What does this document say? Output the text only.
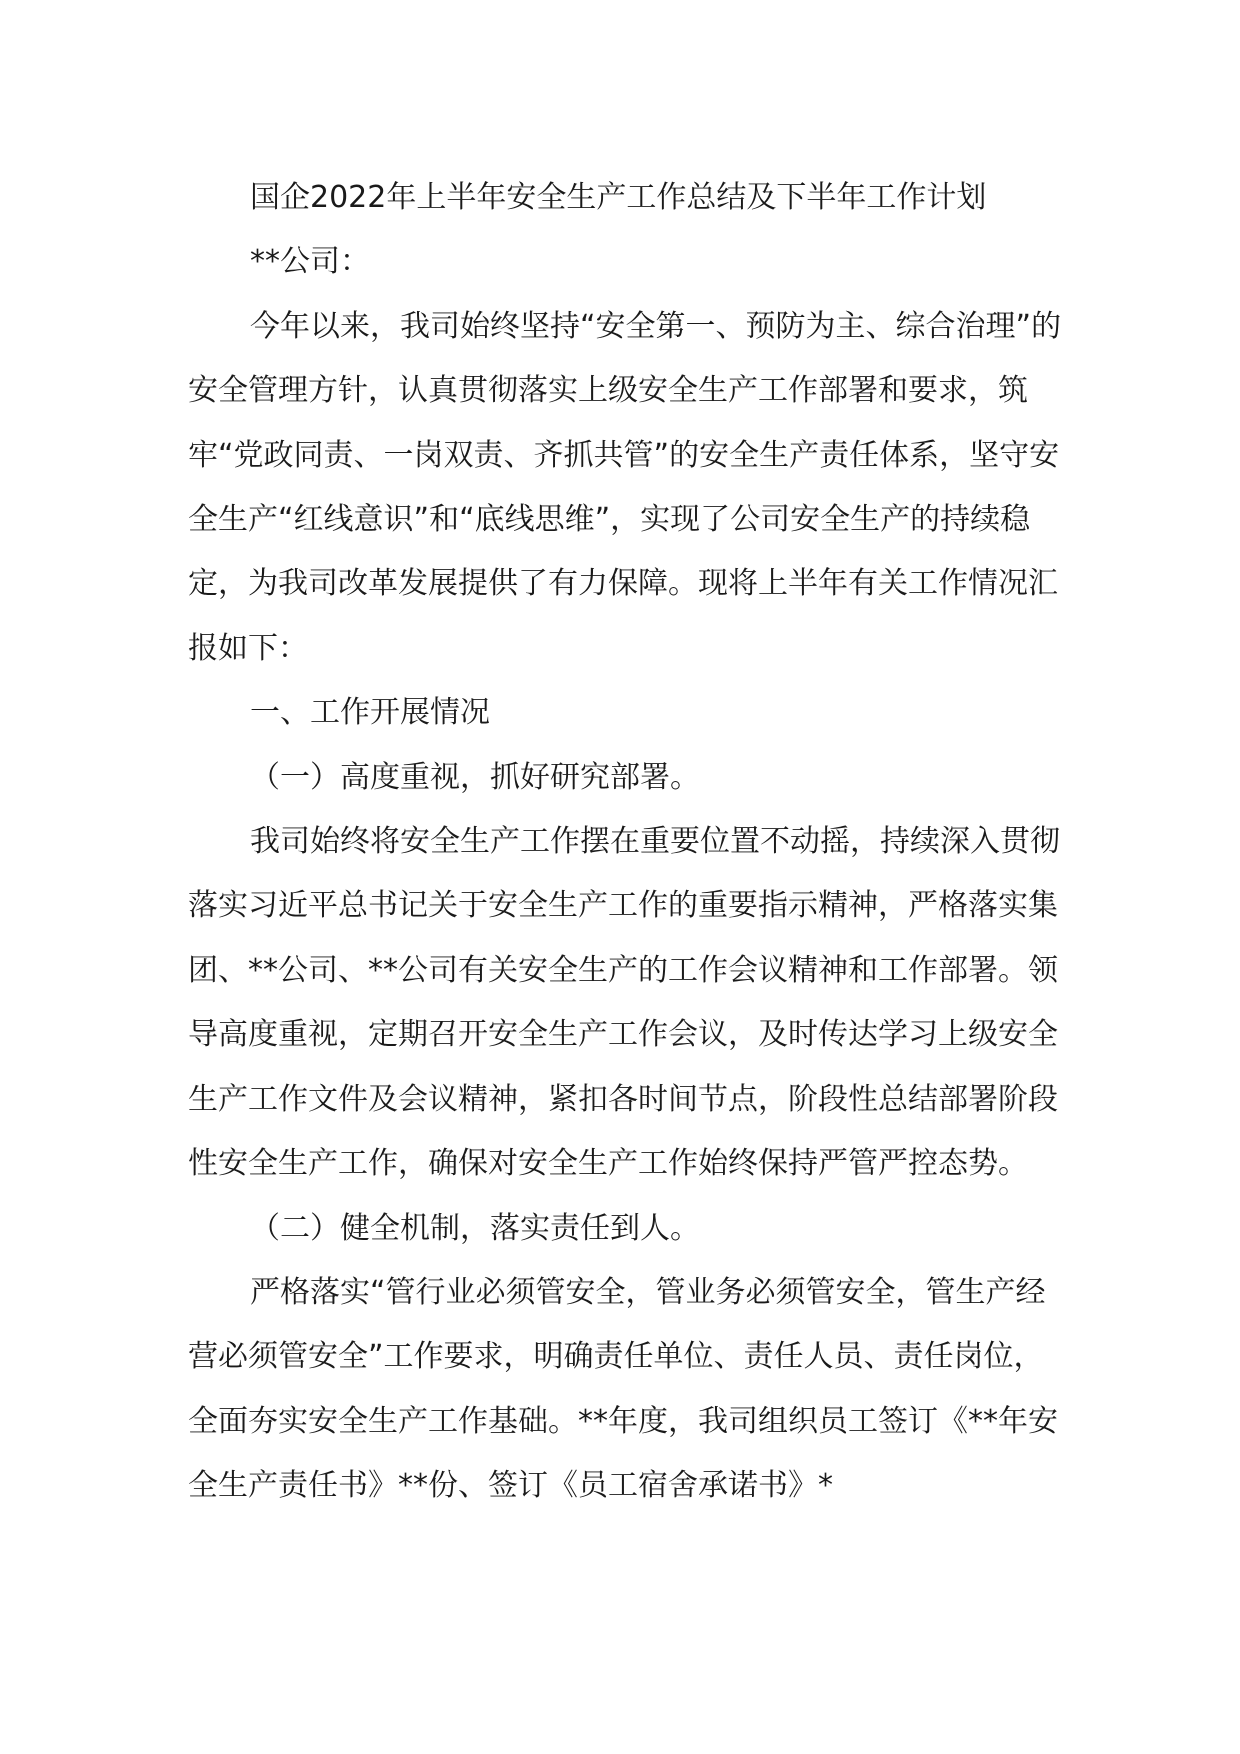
国企2022年上半年安全生产工作总结及下半年工作计划

**公司：

今年以来，我司始终坚持“安全第一、预防为主、综合治理”的安全管理方针，认真贯彻落实上级安全生产工作部署和要求，筑牢“党政同责、一岗双责、齐抓共管”的安全生产责任体系，坚守安全生产“红线意识”和“底线思维”，实现了公司安全生产的持续稳定，为我司改革发展提供了有力保障。现将上半年有关工作情况汇报如下：

一、工作开展情况

（一）高度重视，抓好研究部署。

我司始终将安全生产工作摆在重要位置不动摇，持续深入贯彻落实习近平总书记关于安全生产工作的重要指示精神，严格落实集团、**公司、**公司有关安全生产的工作会议精神和工作部署。领导高度重视，定期召开安全生产工作会议，及时传达学习上级安全生产工作文件及会议精神，紧扣各时间节点，阶段性总结部署阶段性安全生产工作，确保对安全生产工作始终保持严管严控态势。

（二）健全机制，落实责任到人。

严格落实“管行业必须管安全，管业务必须管安全，管生产经营必须管安全”工作要求，明确责任单位、责任人员、责任岗位，全面夯实安全生产工作基础。**年度，我司组织员工签订《**年安全生产责任书》**份、签订《员工宿舍承诺书》*
